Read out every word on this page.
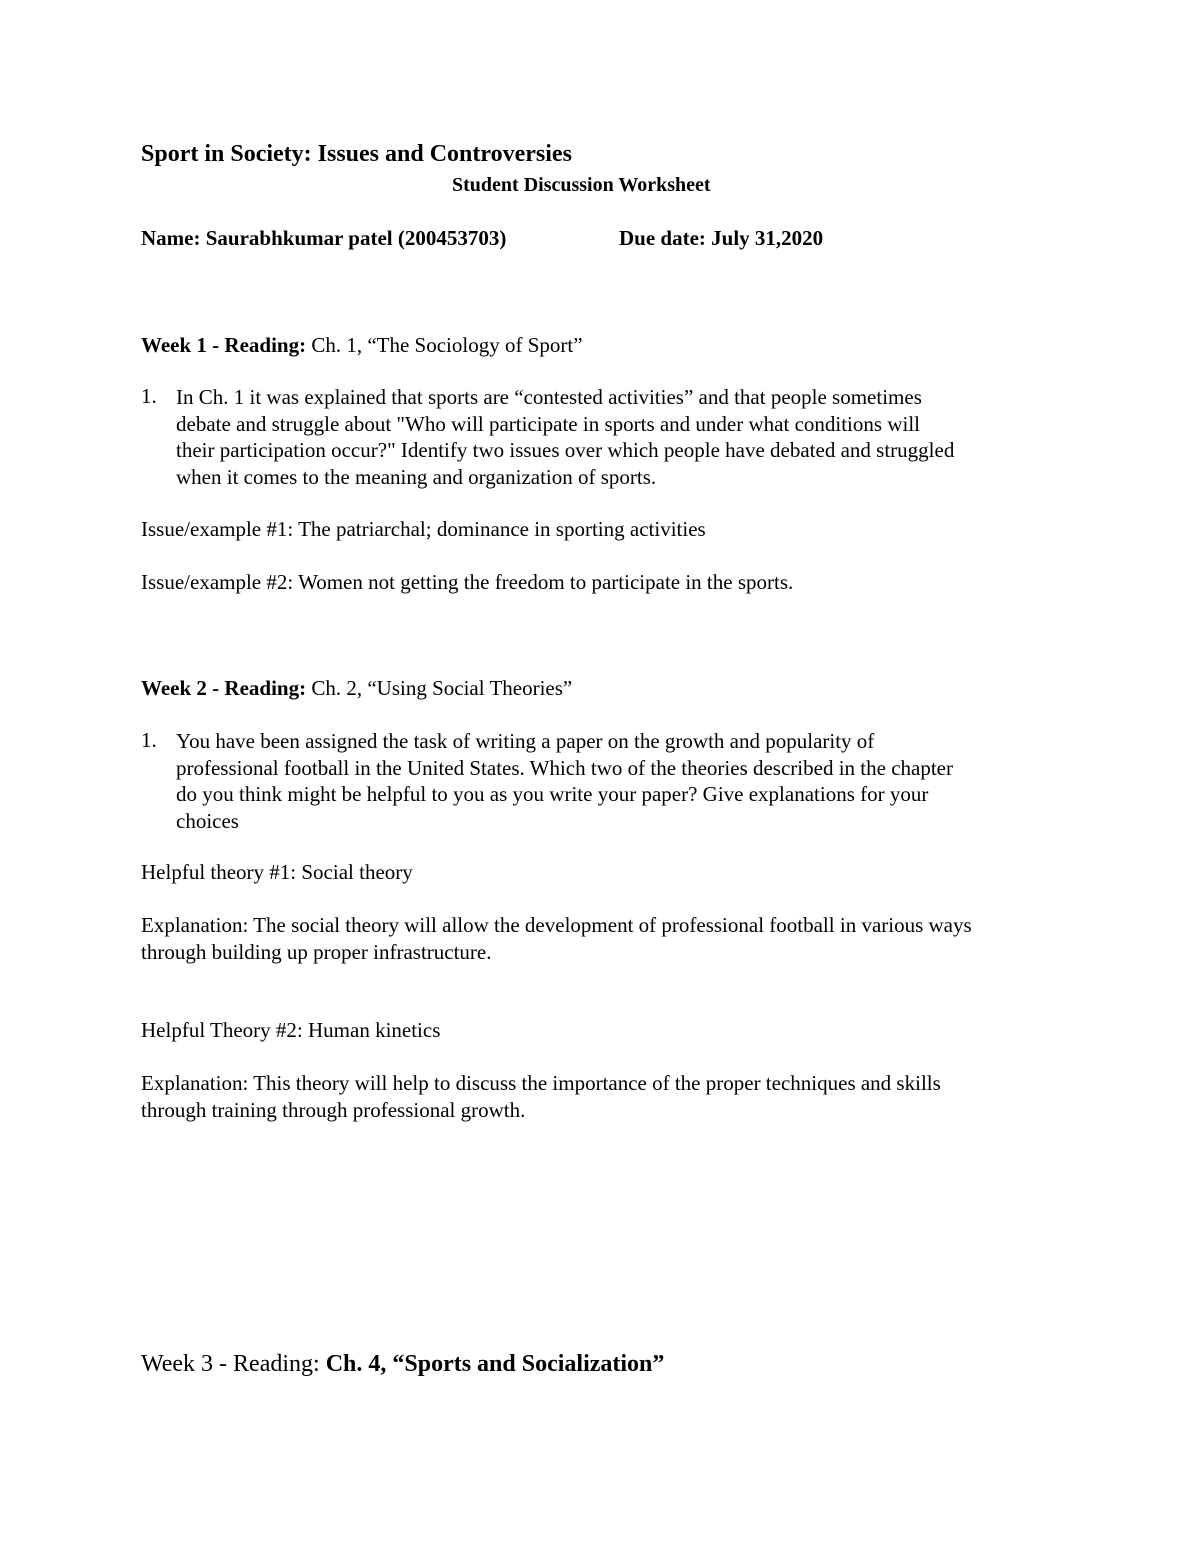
Sport in Society: Issues and Controversies
Student Discussion Worksheet
Name: Saurabhkumar patel (200453703)	Due date: July 31,2020
Week 1 - Reading: Ch. 1, “The Sociology of Sport”
1. In Ch. 1 it was explained that sports are “contested activities” and that people sometimes
debate and struggle about "Who will participate in sports and under what conditions will
their participation occur?" Identify two issues over which people have debated and struggled
when it comes to the meaning and organization of sports.
Issue/example #1: The patriarchal; dominance in sporting activities
Issue/example #2: Women not getting the freedom to participate in the sports.
Week 2 - Reading: Ch. 2, “Using Social Theories”
1. You have been assigned the task of writing a paper on the growth and popularity of
professional football in the United States. Which two of the theories described in the chapter
do you think might be helpful to you as you write your paper? Give explanations for your
choices
Helpful theory #1: Social theory
Explanation: The social theory will allow the development of professional football in various ways
through building up proper infrastructure.
Helpful Theory #2: Human kinetics
Explanation: This theory will help to discuss the importance of the proper techniques and skills
through training through professional growth.
Week 3 - Reading: Ch. 4, “Sports and Socialization”
